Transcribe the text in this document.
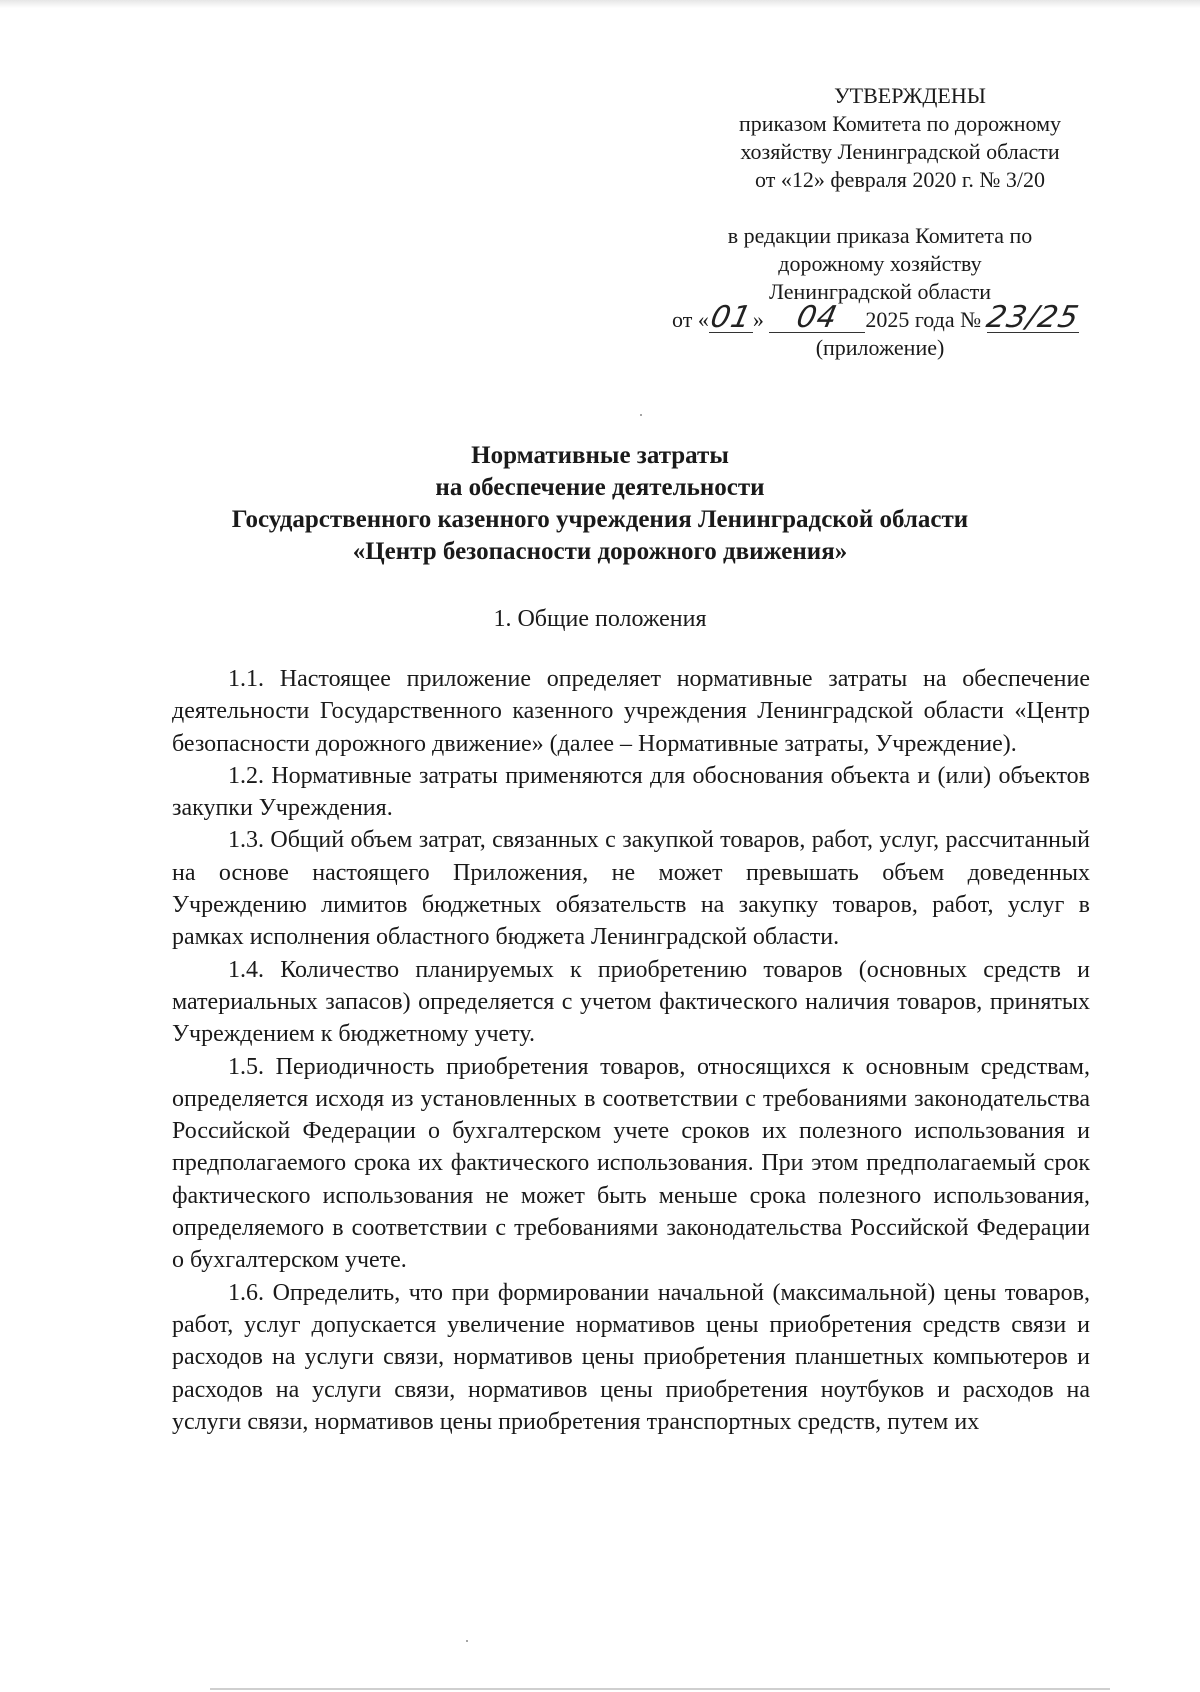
УТВЕРЖДЕНЫ
приказом Комитета по дорожному
хозяйству Ленинградской области
от «12» февраля 2020 г. № 3/20
в редакции приказа Комитета по
дорожному хозяйству
Ленинградской области
от «01» 04 2025 года № 23/25
(приложение)
Нормативные затраты
на обеспечение деятельности
Государственного казенного учреждения Ленинградской области
«Центр безопасности дорожного движения»
1. Общие положения

1.1. Настоящее приложение определяет нормативные затраты на обеспечение деятельности Государственного казенного учреждения Ленинградской области «Центр безопасности дорожного движение» (далее – Нормативные затраты, Учреждение).

1.2. Нормативные затраты применяются для обоснования объекта и (или) объектов закупки Учреждения.

1.3. Общий объем затрат, связанных с закупкой товаров, работ, услуг, рассчитанный на основе настоящего Приложения, не может превышать объем доведенных Учреждению лимитов бюджетных обязательств на закупку товаров, работ, услуг в рамках исполнения областного бюджета Ленинградской области.

1.4. Количество планируемых к приобретению товаров (основных средств и материальных запасов) определяется с учетом фактического наличия товаров, принятых Учреждением к бюджетному учету.

1.5. Периодичность приобретения товаров, относящихся к основным средствам, определяется исходя из установленных в соответствии с требованиями законодательства Российской Федерации о бухгалтерском учете сроков их полезного использования и предполагаемого срока их фактического использования. При этом предполагаемый срок фактического использования не может быть меньше срока полезного использования, определяемого в соответствии с требованиями законодательства Российской Федерации о бухгалтерском учете.

1.6. Определить, что при формировании начальной (максимальной) цены товаров, работ, услуг допускается увеличение нормативов цены приобретения средств связи и расходов на услуги связи, нормативов цены приобретения планшетных компьютеров и расходов на услуги связи, нормативов цены приобретения ноутбуков и расходов на услуги связи, нормативов цены приобретения транспортных средств, путем их
